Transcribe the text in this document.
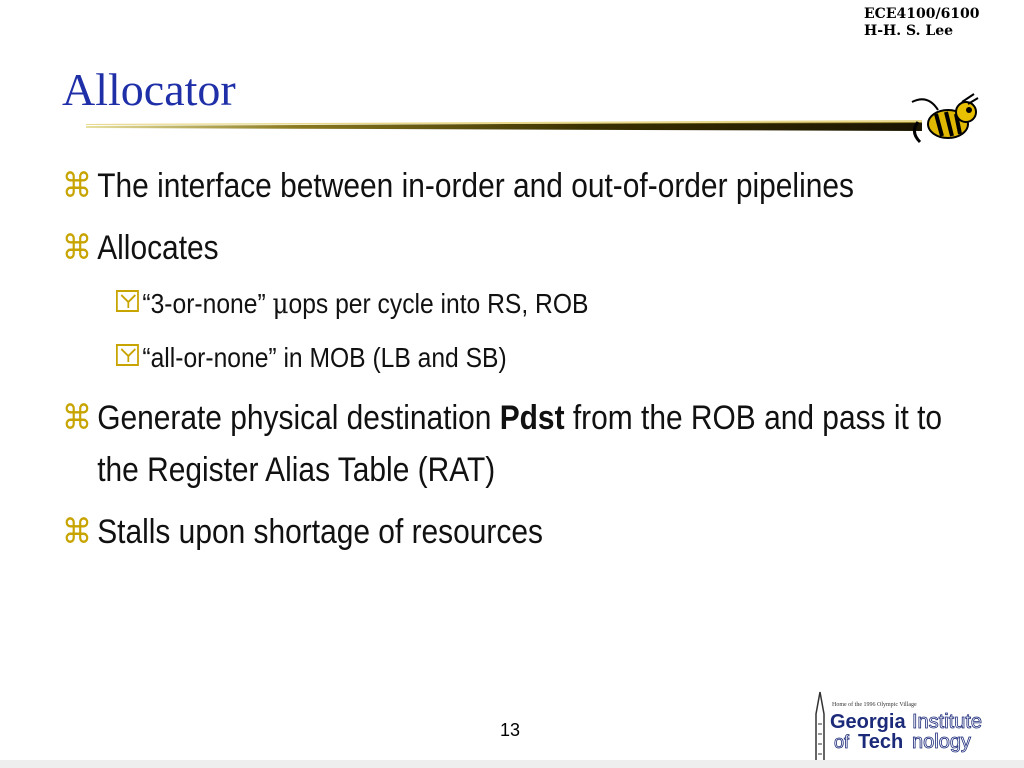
ECE4100/6100
H-H. S. Lee
Allocator
⌘ The interface between in-order and out-of-order pipelines
⌘ Allocates
“3-or-none” μops per cycle into RS, ROB
“all-or-none” in MOB (LB and SB)
⌘ Generate physical destination Pdst from the ROB and pass it to the Register Alias Table (RAT)
⌘ Stalls upon shortage of resources
13
Home of the 1996 Olympic Village
Georgia Institute
of Tech nology
